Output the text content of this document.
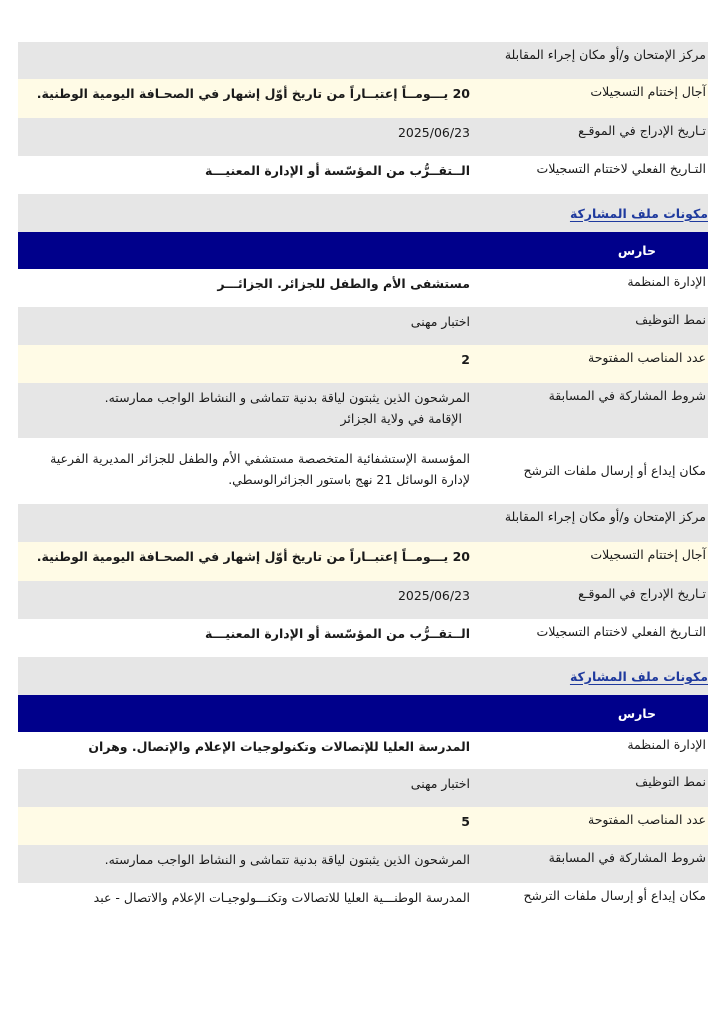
مركز الإمتحان و/أو مكان إجراء المقابلة
آجال إختتام التسجيلات
20 يـــومــاً إعتبــاراً من تاريخ أوّل إشهار في الصحـافة اليومية الوطنية.
تـاريخ الإدراج في الموقـع
2025/06/23
التـاريخ الفعلي لاختتام التسجيلات
الــتقــرُّب من المؤسّسة أو الإدارة المعنيـــة
مكونات ملف المشاركة
حارس
الإدارة المنظمة
مستشفى الأم والطفل للجزائر. الجزائـــر
نمط التوظيف
اختبار مهنى
عدد المناصب المفتوحة
2
شروط المشاركة في المسابقة
المرشحون الذين يثبتون لياقة بدنية تتماشى و النشاط الواجب ممارسته.
الإقامة في ولاية الجزائر
مكان إيداع أو إرسال ملفات الترشح
المؤسسة الإستشفائية المتخصصة مستشفي الأم والطفل للجزائر المديرية الفرعية
لإدارة الوسائل 21 نهج باستور الجزائرالوسطي.
مركز الإمتحان و/أو مكان إجراء المقابلة
آجال إختتام التسجيلات
20 يـــومــاً إعتبــاراً من تاريخ أوّل إشهار في الصحـافة اليومية الوطنية.
تـاريخ الإدراج في الموقـع
2025/06/23
التـاريخ الفعلي لاختتام التسجيلات
الــتقــرُّب من المؤسّسة أو الإدارة المعنيـــة
مكونات ملف المشاركة
حارس
الإدارة المنظمة
المدرسة العليا للإتصالات وتكنولوجيات الإعلام والإتصال. وهران
نمط التوظيف
اختبار مهنى
عدد المناصب المفتوحة
5
شروط المشاركة في المسابقة
المرشحون الذين يثبتون لياقة بدنية تتماشى و النشاط الواجب ممارسته.
مكان إيداع أو إرسال ملفات الترشح
المدرسة الوطنـــية العليا للاتصالات وتكنـــولوجيـات الإعلام والاتصال - عبد
